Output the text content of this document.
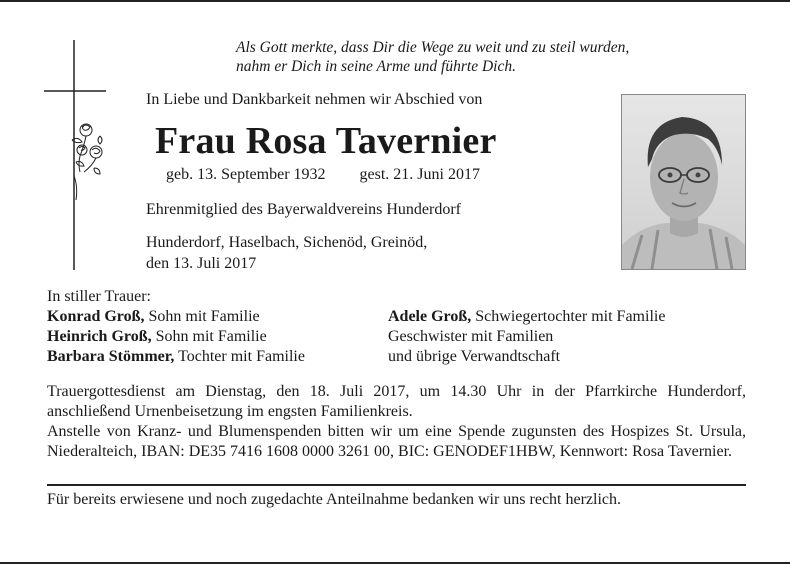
Als Gott merkte, dass Dir die Wege zu weit und zu steil wurden,
nahm er Dich in seine Arme und führte Dich.
In Liebe und Dankbarkeit nehmen wir Abschied von
Frau Rosa Tavernier
geb. 13. September 1932 gest. 21. Juni 2017
Ehrenmitglied des Bayerwaldvereins Hunderdorf
Hunderdorf, Haselbach, Sichenöd, Greinöd,
den 13. Juli 2017
In stiller Trauer:
Konrad Groß, Sohn mit Familie
Heinrich Groß, Sohn mit Familie
Barbara Stömmer, Tochter mit Familie
Adele Groß, Schwiegertochter mit Familie
Geschwister mit Familien
und übrige Verwandtschaft
Trauergottesdienst am Dienstag, den 18. Juli 2017, um 14.30 Uhr in der Pfarrkirche Hunderdorf, anschließend Urnenbeisetzung im engsten Familienkreis.
Anstelle von Kranz- und Blumenspenden bitten wir um eine Spende zugunsten des Hospizes St. Ursula, Niederalteich, IBAN: DE35 7416 1608 0000 3261 00, BIC: GENODEF1HBW, Kennwort: Rosa Tavernier.
Für bereits erwiesene und noch zugedachte Anteilnahme bedanken wir uns recht herzlich.
